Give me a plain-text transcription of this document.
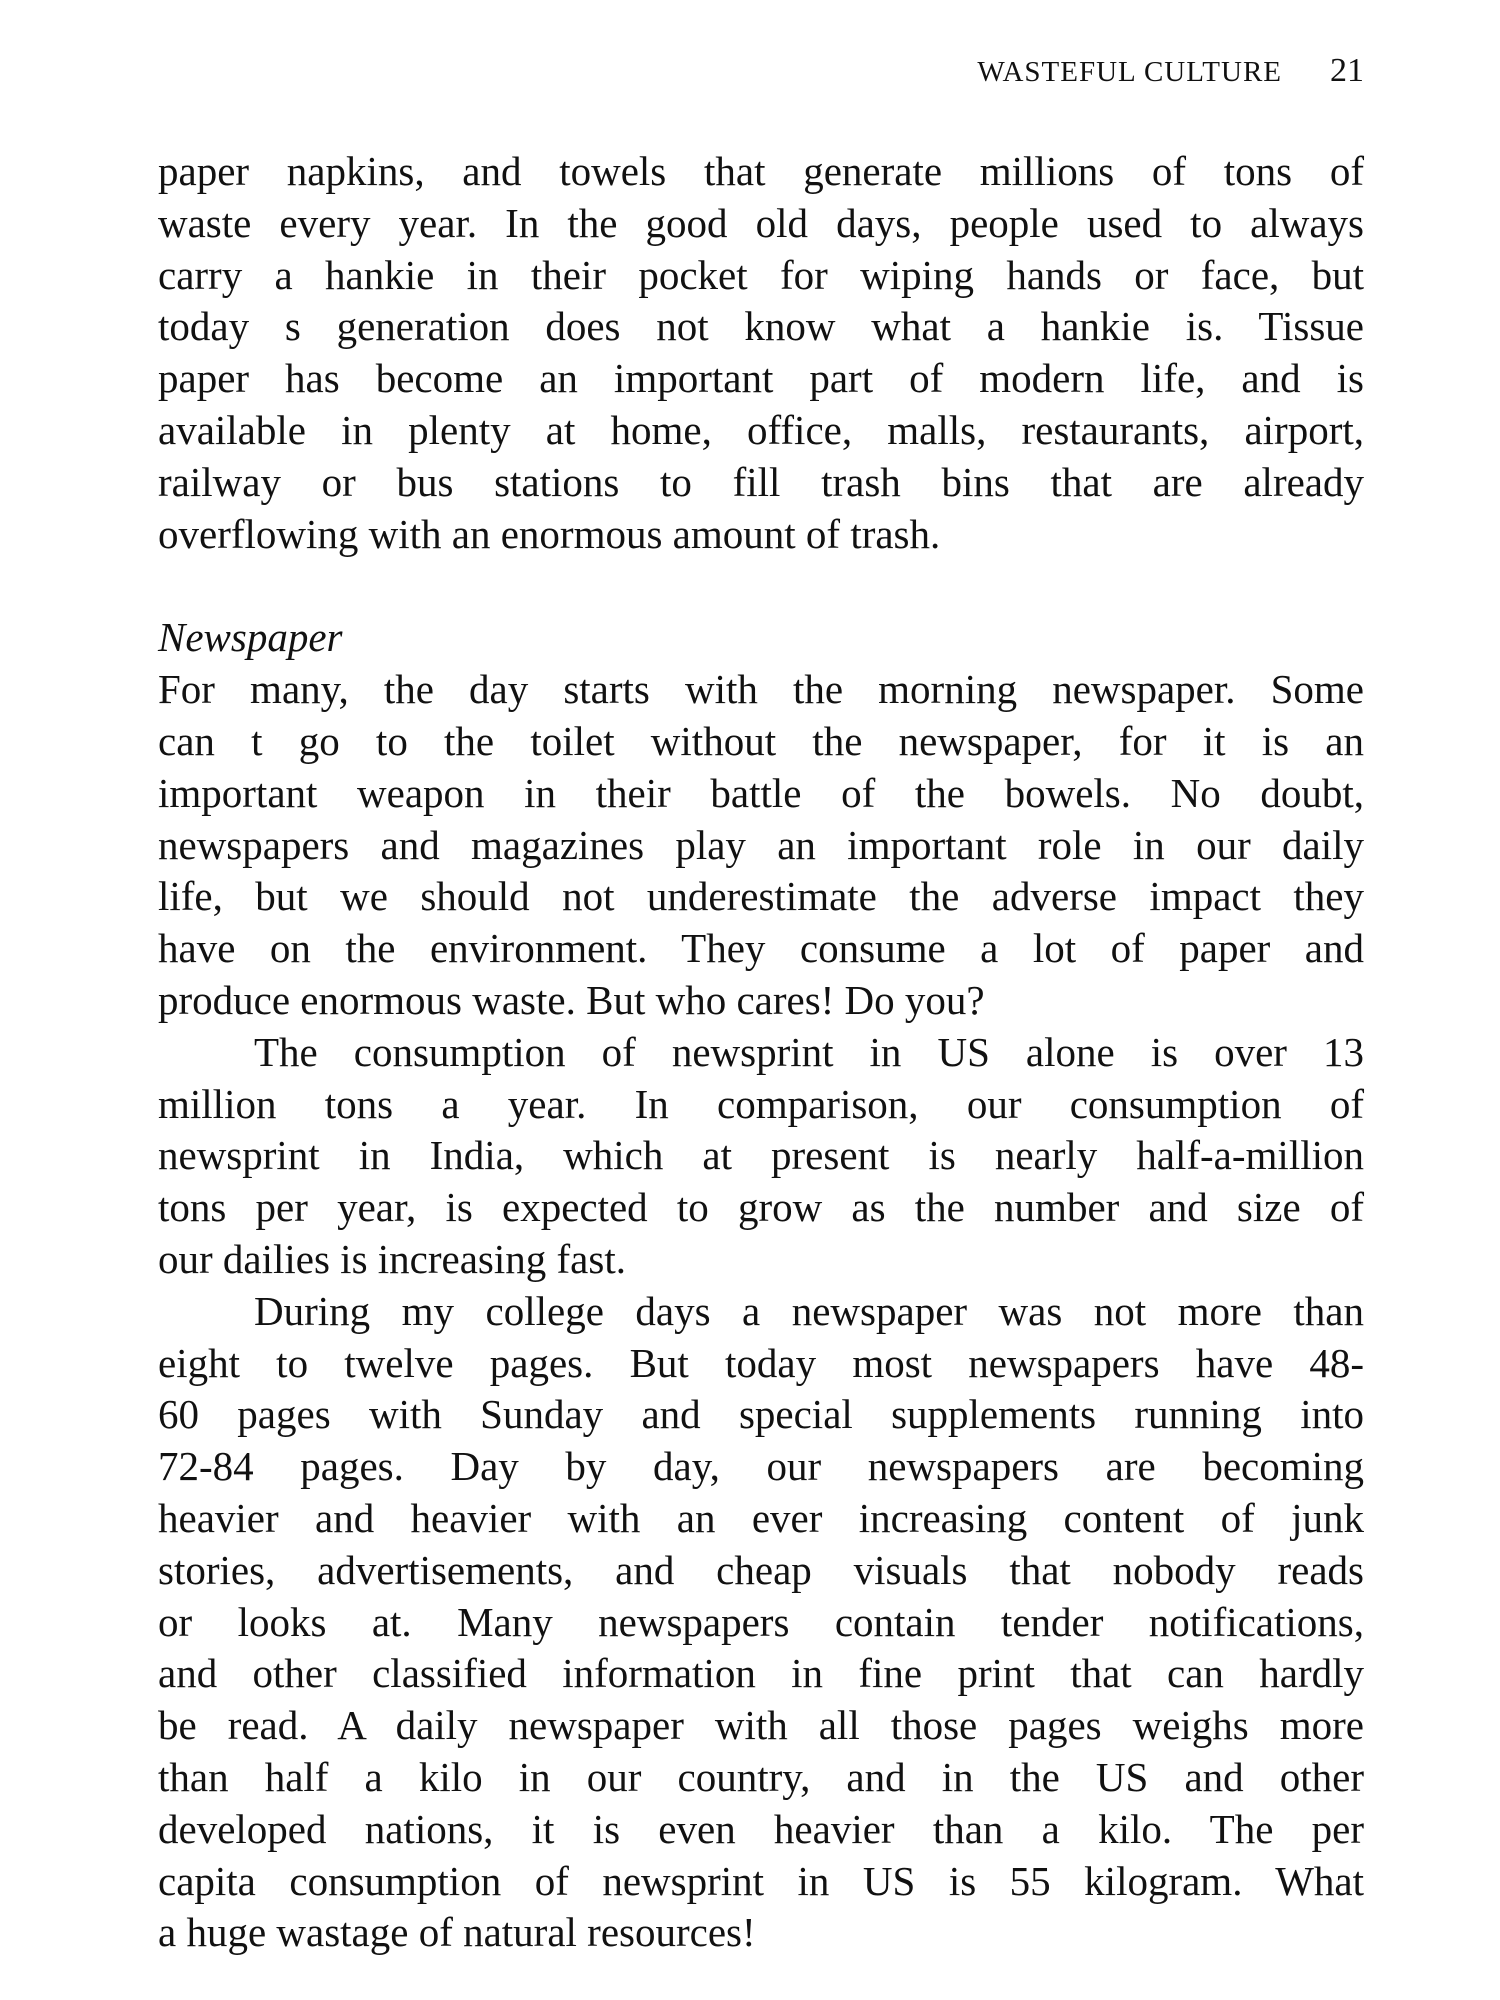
WASTEFUL CULTURE 21

paper napkins, and towels that generate millions of tons of
waste every year. In the good old days, people used to always
carry a hankie in their pocket for wiping hands or face, but
today s generation does not know what a hankie is. Tissue
paper has become an important part of modern life, and is
available in plenty at home, office, malls, restaurants, airport,
railway or bus stations to fill trash bins that are already
overflowing with an enormous amount of trash.

Newspaper

For many, the day starts with the morning newspaper. Some
can t go to the toilet without the newspaper, for it is an
important weapon in their battle of the bowels. No doubt,
newspapers and magazines play an important role in our daily
life, but we should not underestimate the adverse impact they
have on the environment. They consume a lot of paper and
produce enormous waste. But who cares! Do you?

The consumption of newsprint in US alone is over 13
million tons a year. In comparison, our consumption of
newsprint in India, which at present is nearly half-a-million
tons per year, is expected to grow as the number and size of
our dailies is increasing fast.

During my college days a newspaper was not more than
eight to twelve pages. But today most newspapers have 48-
60 pages with Sunday and special supplements running into
72-84 pages. Day by day, our newspapers are becoming
heavier and heavier with an ever increasing content of junk
stories, advertisements, and cheap visuals that nobody reads
or looks at. Many newspapers contain tender notifications,
and other classified information in fine print that can hardly
be read. A daily newspaper with all those pages weighs more
than half a kilo in our country, and in the US and other
developed nations, it is even heavier than a kilo. The per
capita consumption of newsprint in US is 55 kilogram. What
a huge wastage of natural resources!
